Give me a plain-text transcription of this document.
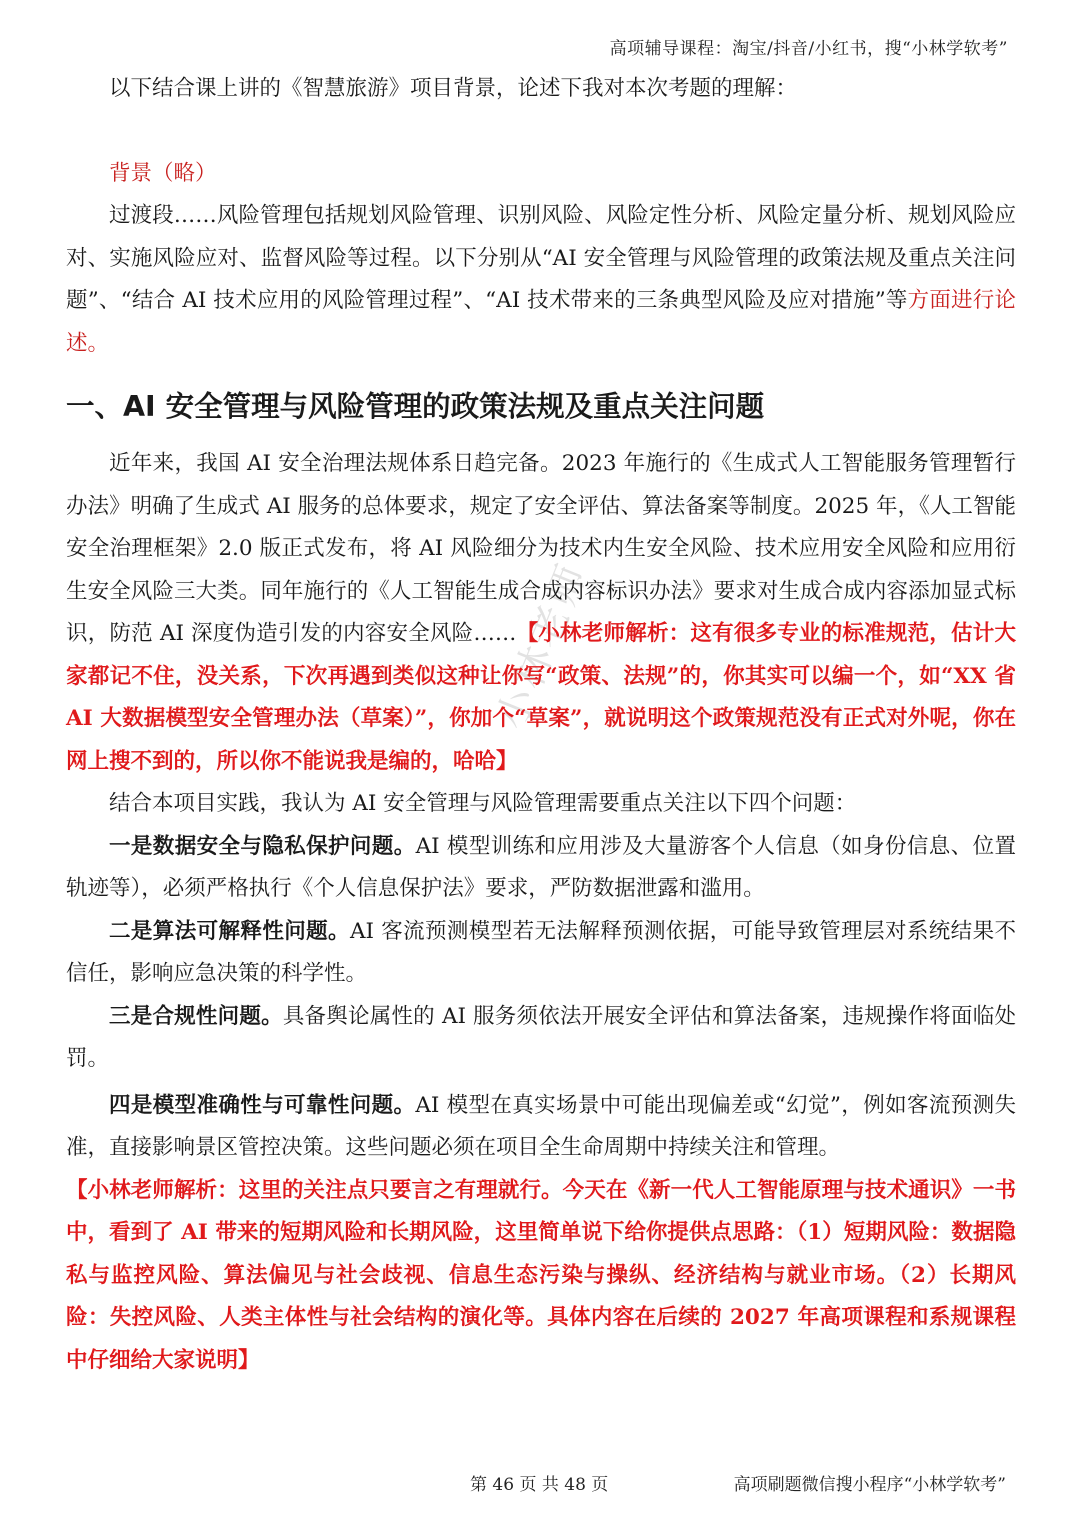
高项辅导课程：淘宝/抖音/小红书，搜“小林学软考”
小林老师

以下结合课上讲的《智慧旅游》项目背景，论述下我对本次考题的理解：

背景（略）

过渡段……风险管理包括规划风险管理、识别风险、风险定性分析、风险定量分析、规划风险应对、实施风险应对、监督风险等过程。以下分别从“AI 安全管理与风险管理的政策法规及重点关注问题”、“结合 AI 技术应用的风险管理过程”、“AI 技术带来的三条典型风险及应对措施”等方面进行论述。

一、AI 安全管理与风险管理的政策法规及重点关注问题

近年来，我国 AI 安全治理法规体系日趋完备。2023 年施行的《生成式人工智能服务管理暂行办法》明确了生成式 AI 服务的总体要求，规定了安全评估、算法备案等制度。2025 年，《人工智能安全治理框架》2.0 版正式发布，将 AI 风险细分为技术内生安全风险、技术应用安全风险和应用衍生安全风险三大类。同年施行的《人工智能生成合成内容标识办法》要求对生成合成内容添加显式标识，防范 AI 深度伪造引发的内容安全风险……【小林老师解析：这有很多专业的标准规范，估计大家都记不住，没关系，下次再遇到类似这种让你写“政策、法规”的，你其实可以编一个，如“XX 省 AI 大数据模型安全管理办法（草案）”，你加个“草案”，就说明这个政策规范没有正式对外呢，你在网上搜不到的，所以你不能说我是编的，哈哈】

结合本项目实践，我认为 AI 安全管理与风险管理需要重点关注以下四个问题：

一是数据安全与隐私保护问题。AI 模型训练和应用涉及大量游客个人信息（如身份信息、位置轨迹等），必须严格执行《个人信息保护法》要求，严防数据泄露和滥用。

二是算法可解释性问题。AI 客流预测模型若无法解释预测依据，可能导致管理层对系统结果不信任，影响应急决策的科学性。

三是合规性问题。具备舆论属性的 AI 服务须依法开展安全评估和算法备案，违规操作将面临处罚。

四是模型准确性与可靠性问题。AI 模型在真实场景中可能出现偏差或“幻觉”，例如客流预测失准，直接影响景区管控决策。这些问题必须在项目全生命周期中持续关注和管理。

【小林老师解析：这里的关注点只要言之有理就行。今天在《新一代人工智能原理与技术通识》一书中，看到了 AI 带来的短期风险和长期风险，这里简单说下给你提供点思路：（1）短期风险：数据隐私与监控风险、算法偏见与社会歧视、信息生态污染与操纵、经济结构与就业市场。（2）长期风险：失控风险、人类主体性与社会结构的演化等。具体内容在后续的 2027 年高项课程和系规课程中仔细给大家说明】

第 46 页 共 48 页	高项刷题微信搜小程序“小林学软考”
